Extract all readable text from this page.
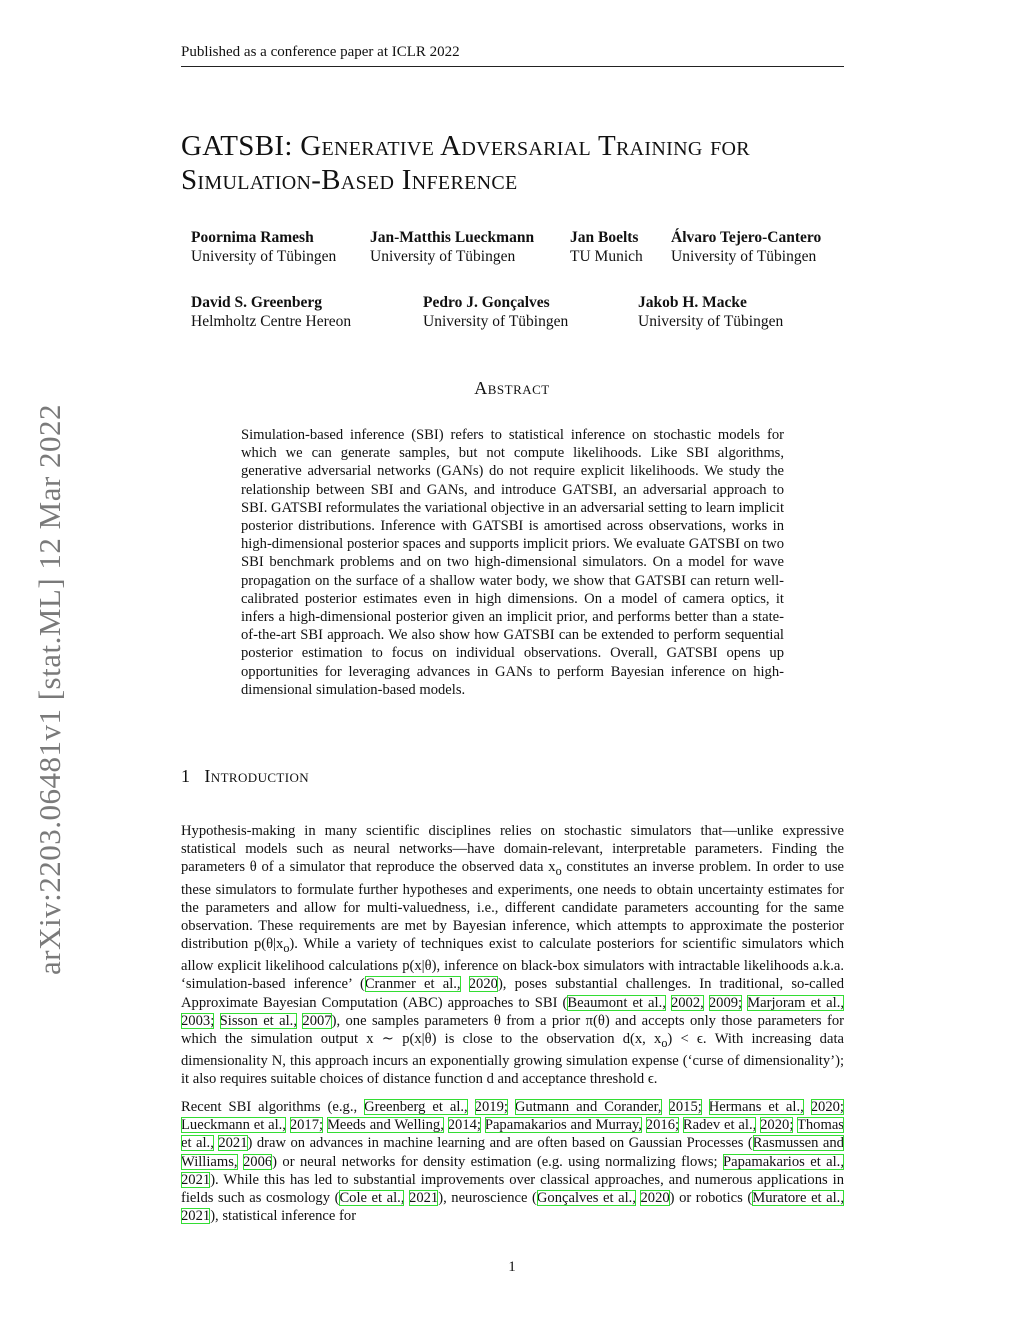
Published as a conference paper at ICLR 2022
arXiv:2203.06481v1 [stat.ML] 12 Mar 2022
GATSBI: Generative Adversarial Training for
Simulation-Based Inference
Poornima Ramesh
University of Tübingen
Jan-Matthis Lueckmann
University of Tübingen
Jan Boelts
TU Munich
Álvaro Tejero-Cantero
University of Tübingen
David S. Greenberg
Helmholtz Centre Hereon
Pedro J. Gonçalves
University of Tübingen
Jakob H. Macke
University of Tübingen
Abstract
Simulation-based inference (SBI) refers to statistical inference on stochastic models for which we can generate samples, but not compute likelihoods. Like SBI algorithms, generative adversarial networks (GANs) do not require explicit likelihoods. We study the relationship between SBI and GANs, and introduce GATSBI, an adversarial approach to SBI. GATSBI reformulates the variational objective in an adversarial setting to learn implicit posterior distributions. Inference with GATSBI is amortised across observations, works in high-dimensional posterior spaces and supports implicit priors. We evaluate GATSBI on two SBI benchmark problems and on two high-dimensional simulators. On a model for wave propagation on the surface of a shallow water body, we show that GATSBI can return well-calibrated posterior estimates even in high dimensions. On a model of camera optics, it infers a high-dimensional posterior given an implicit prior, and performs better than a state-of-the-art SBI approach. We also show how GATSBI can be extended to perform sequential posterior estimation to focus on individual observations. Overall, GATSBI opens up opportunities for leveraging advances in GANs to perform Bayesian inference on high-dimensional simulation-based models.
1 Introduction
Hypothesis-making in many scientific disciplines relies on stochastic simulators that—unlike expressive statistical models such as neural networks—have domain-relevant, interpretable parameters. Finding the parameters θ of a simulator that reproduce the observed data $x_o$ constitutes an inverse problem. In order to use these simulators to formulate further hypotheses and experiments, one needs to obtain uncertainty estimates for the parameters and allow for multi-valuedness, i.e., different candidate parameters accounting for the same observation. These requirements are met by Bayesian inference, which attempts to approximate the posterior distribution $p(\theta|x_o)$. While a variety of techniques exist to calculate posteriors for scientific simulators which allow explicit likelihood calculations p(x|θ), inference on black-box simulators with intractable likelihoods a.k.a. ‘simulation-based inference’ (Cranmer et al., 2020), poses substantial challenges. In traditional, so-called Approximate Bayesian Computation (ABC) approaches to SBI (Beaumont et al., 2002, 2009; Marjoram et al., 2003; Sisson et al., 2007), one samples parameters θ from a prior π(θ) and accepts only those parameters for which the simulation output x ∼ p(x|θ) is close to the observation d(x, $x_o) < \epsilon$. With increasing data dimensionality N, this approach incurs an exponentially growing simulation expense (‘curse of dimensionality’); it also requires suitable choices of distance function d and acceptance threshold ϵ.
Recent SBI algorithms (e.g., Greenberg et al., 2019; Gutmann and Corander, 2015; Hermans et al., 2020; Lueckmann et al., 2017; Meeds and Welling, 2014; Papamakarios and Murray, 2016; Radev et al., 2020; Thomas et al., 2021) draw on advances in machine learning and are often based on Gaussian Processes (Rasmussen and Williams, 2006) or neural networks for density estimation (e.g. using normalizing flows; Papamakarios et al., 2021). While this has led to substantial improvements over classical approaches, and numerous applications in fields such as cosmology (Cole et al., 2021), neuroscience (Gonçalves et al., 2020) or robotics (Muratore et al., 2021), statistical inference for
1
